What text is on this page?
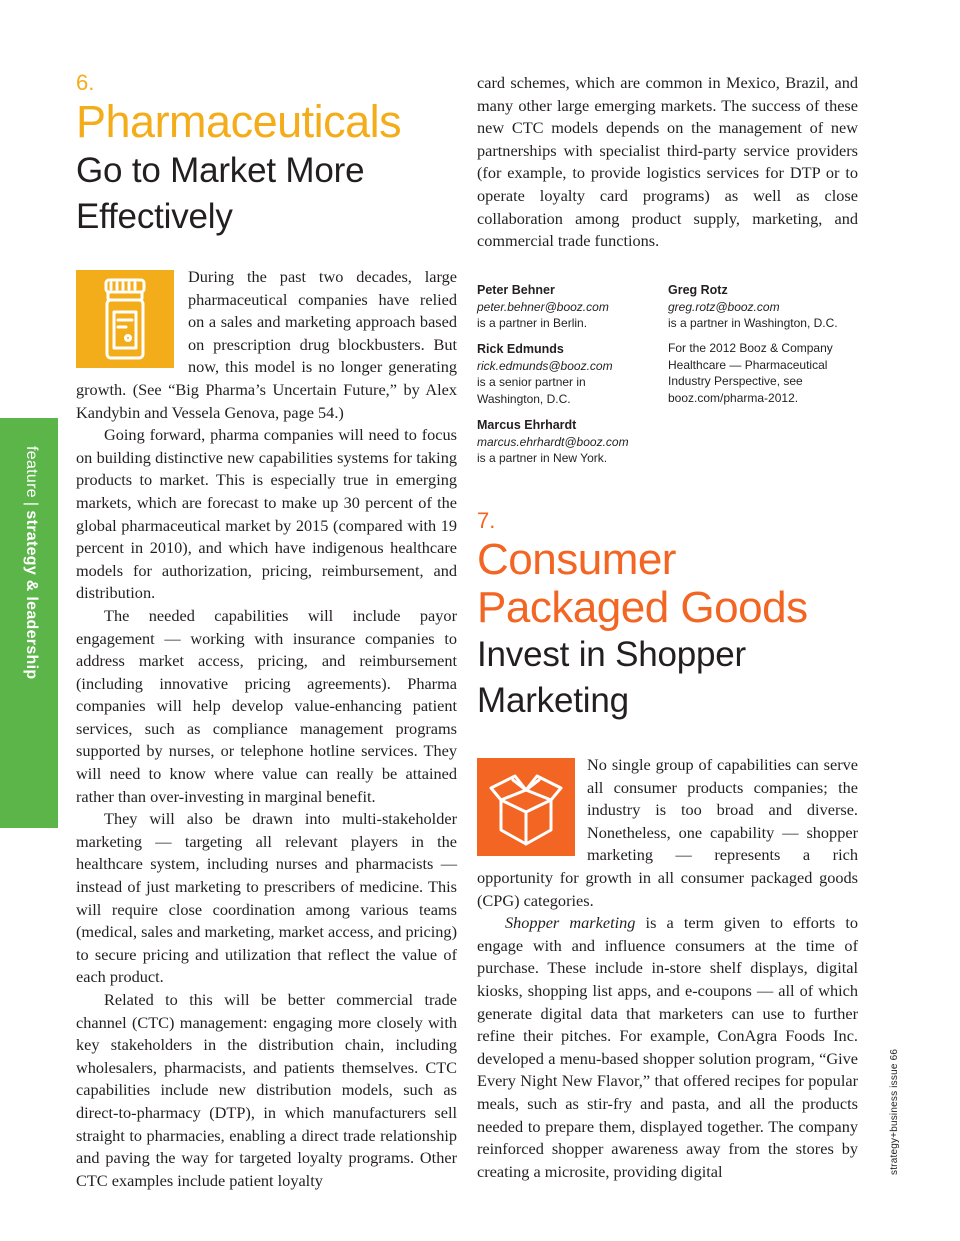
feature|strategy & leadership
38
strategy+business issue 66
6.
Pharmaceuticals
Go to Market More
Effectively

During the past two decades, large pharmaceutical companies have relied on a sales and marketing approach based on prescription drug blockbusters. But now, this model is no longer generating growth. (See “Big Pharma’s Uncertain Future,” by Alex Kandybin and Vessela Genova, page 54.)

Going forward, pharma companies will need to focus on building distinctive new capabilities systems for taking products to market. This is especially true in emerging markets, which are forecast to make up 30 percent of the global pharmaceutical market by 2015 (compared with 19 percent in 2010), and which have indigenous healthcare models for authorization, pricing, reimbursement, and distribution.

The needed capabilities will include payor engagement — working with insurance companies to address market access, pricing, and reimbursement (including innovative pricing agreements). Pharma companies will help develop value-enhancing patient services, such as compliance management programs supported by nurses, or telephone hotline services. They will need to know where value can really be attained rather than over-investing in marginal benefit.

They will also be drawn into multi-stakeholder marketing — targeting all relevant players in the healthcare system, including nurses and pharmacists — instead of just marketing to prescribers of medicine. This will require close coordination among various teams (medical, sales and marketing, market access, and pricing) to secure pricing and utilization that reflect the value of each product.

Related to this will be better commercial trade channel (CTC) management: engaging more closely with key stakeholders in the distribution chain, including wholesalers, pharmacists, and patients themselves. CTC capabilities include new distribution models, such as direct-to-pharmacy (DTP), in which manufacturers sell straight to pharmacies, enabling a direct trade relationship and paving the way for targeted loyalty programs. Other CTC examples include patient loyalty

card schemes, which are common in Mexico, Brazil, and many other large emerging markets. The success of these new CTC models depends on the management of new partnerships with specialist third-party service providers (for example, to provide logistics services for DTP or to operate loyalty card programs) as well as close collaboration among product supply, marketing, and commercial trade functions.

Peter Behner
peter.behner@booz.com
is a partner in Berlin.
Greg Rotz
greg.rotz@booz.com
is a partner in Washington, D.C.
Rick Edmunds
rick.edmunds@booz.com
is a senior partner in
Washington, D.C.
Marcus Ehrhardt
marcus.ehrhardt@booz.com
is a partner in New York.
For the 2012 Booz & Company
Healthcare — Pharmaceutical
Industry Perspective, see
booz.com/pharma-2012.
7.
Consumer
Packaged Goods
Invest in Shopper
Marketing

No single group of capabilities can serve all consumer products companies; the industry is too broad and diverse. Nonetheless, one capability — shopper marketing — represents a rich opportunity for growth in all consumer packaged goods (CPG) categories.

Shopper marketing is a term given to efforts to engage with and influence consumers at the time of purchase. These include in-store shelf displays, digital kiosks, shopping list apps, and e-coupons — all of which generate digital data that marketers can use to further refine their pitches. For example, ConAgra Foods Inc. developed a menu-based shopper solution program, “Give Every Night New Flavor,” that offered recipes for popular meals, such as stir-fry and pasta, and all the products needed to prepare them, displayed together. The company reinforced shopper awareness away from the stores by creating a microsite, providing digital
